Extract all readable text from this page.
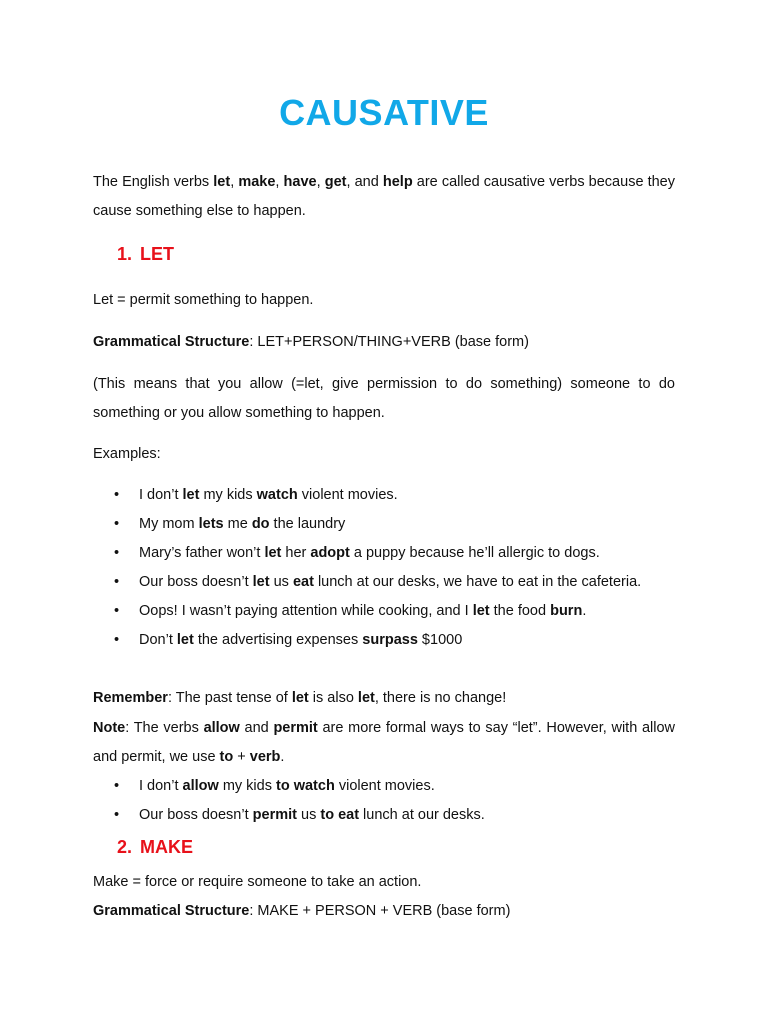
CAUSATIVE
The English verbs let, make, have, get, and help are called causative verbs because they cause something else to happen.
1. LET
Let = permit something to happen.
Grammatical Structure: LET+PERSON/THING+VERB (base form)
(This means that you allow (=let, give permission to do something) someone to do something or you allow something to happen.
Examples:
• I don’t let my kids watch violent movies.
• My mom lets me do the laundry
• Mary’s father won’t let her adopt a puppy because he’ll allergic to dogs.
• Our boss doesn’t let us eat lunch at our desks, we have to eat in the cafeteria.
• Oops! I wasn’t paying attention while cooking, and I let the food burn.
• Don’t let the advertising expenses surpass $1000
Remember: The past tense of let is also let, there is no change!
Note: The verbs allow and permit are more formal ways to say “let”. However, with allow and permit, we use to + verb.
• I don’t allow my kids to watch violent movies.
• Our boss doesn’t permit us to eat lunch at our desks.
2. MAKE
Make = force or require someone to take an action.
Grammatical Structure: MAKE + PERSON + VERB (base form)
